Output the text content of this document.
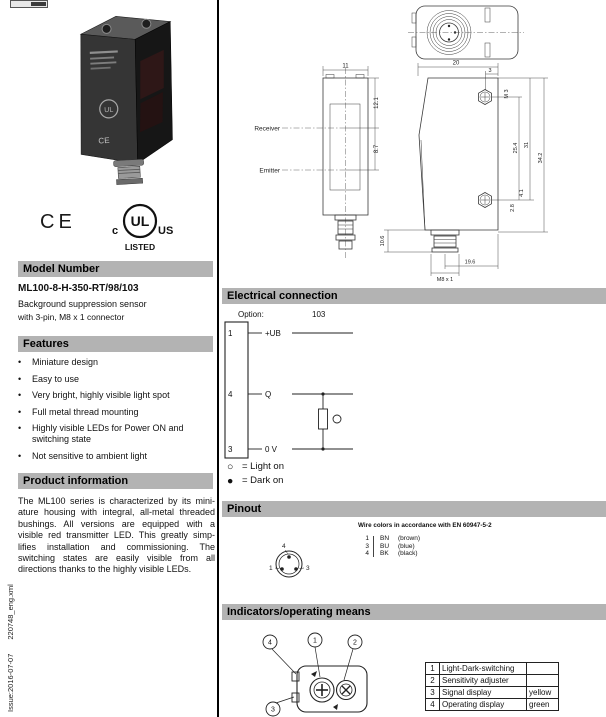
UL
CE
CE	c
UL
US
LISTED
Model Number
ML100-8-H-350-RT/98/103
Background suppression sensor
with 3-pin, M8 x 1 connector
Features
•	Miniature design
•	Easy to use
•	Very bright, highly visible light spot
•	Full metal thread mounting
•	Highly visible LEDs for Power ON and switching state
•	Not sensitive to ambient light
Product information
The ML100 series is characterized by its mini-
ature housing with integral, all-metal threaded
bushings. All versions are equipped with a
visible red transmitter LED. This greatly simp-
lifies installation and commissioning. The
switching states are easily visible from all
directions thanks to the highly visible LEDs.
Issue:2016-07-07220748_eng.xml
20
3
Receiver
Emitter
11
12.1
8.7	25.4 31
34.2
M 3
4.1
2.8
10.6
19.6
M8 x 1
Electrical connection
Option:	103
1
4
3
+UB
Q
0 V
○ = Light on
● = Dark on
Pinout
Wire colors in accordance with EN 60947-5-2
1 BN	(brown)
3 BU	(blue)
4 BK	(black)
4
1	3
Indicators/operating means
4	1	2
3
1	Light-Dark-switching	
2	Sensitivity adjuster	
3	Signal display	yellow
4	Operating display	green
